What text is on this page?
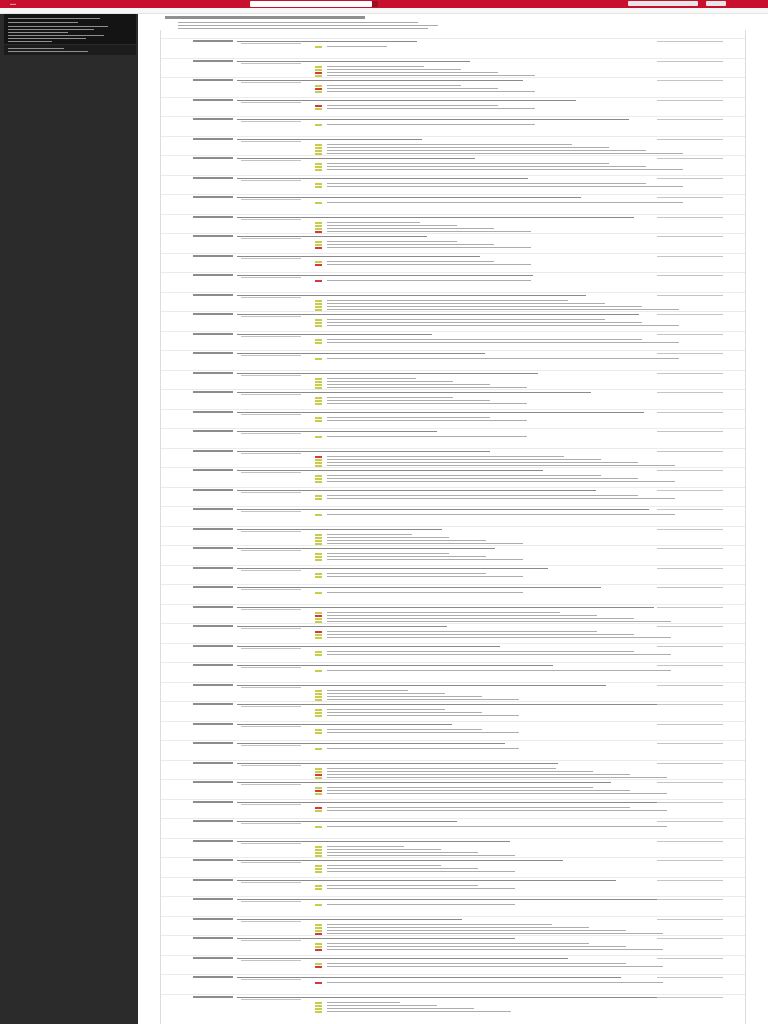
…
